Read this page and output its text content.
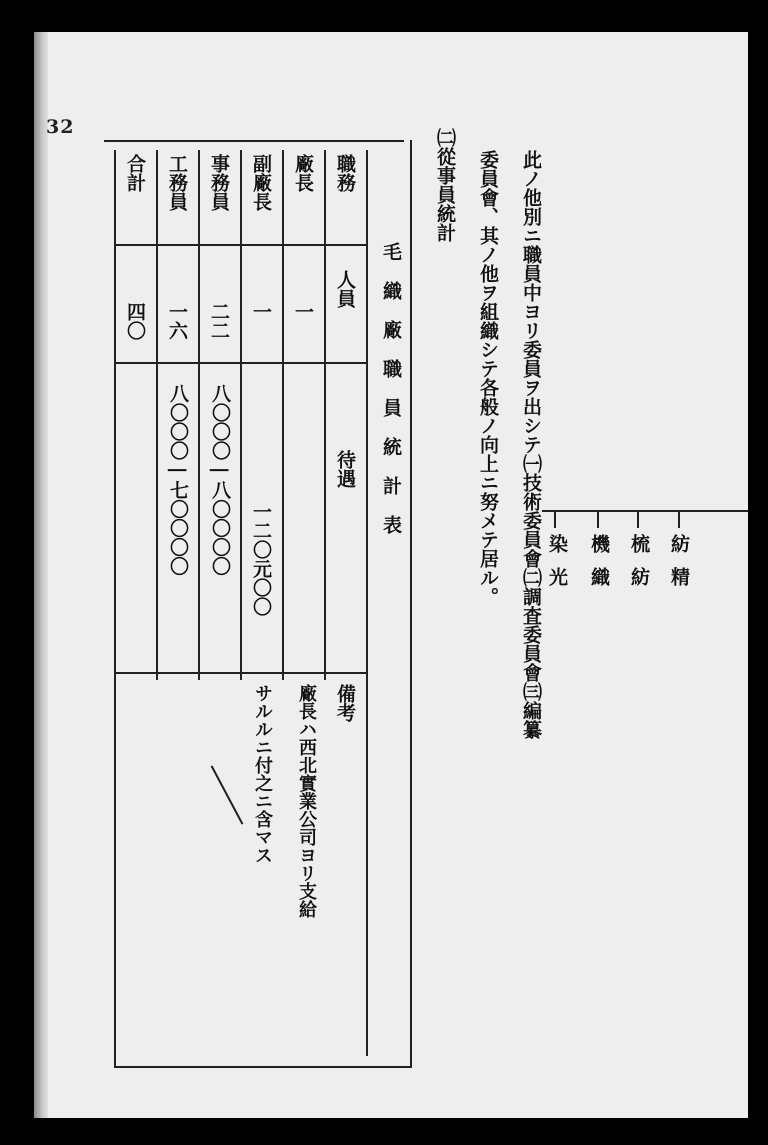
32
此ノ他別ニ職員中ヨリ委員ヲ出シテ㈠技術委員會㈡調査委員會㈢編纂
委員會、其ノ他ヲ組織シテ各般ノ向上ニ努メテ居ル。
㈡從事員統計
紡精
梳紡
機織
染光
毛織廠職員統計表
職務
人員
待遇
備考
廠長
一
副廠長
一
一二〇元〇〇
事務員
二二
八〇〇〇 | 八〇〇〇〇
工務員
一六
八〇〇〇 | 七〇〇〇〇
合計
四〇
廠長ハ西北實業公司ヨリ支給
サルルニ付之ニ含マス
